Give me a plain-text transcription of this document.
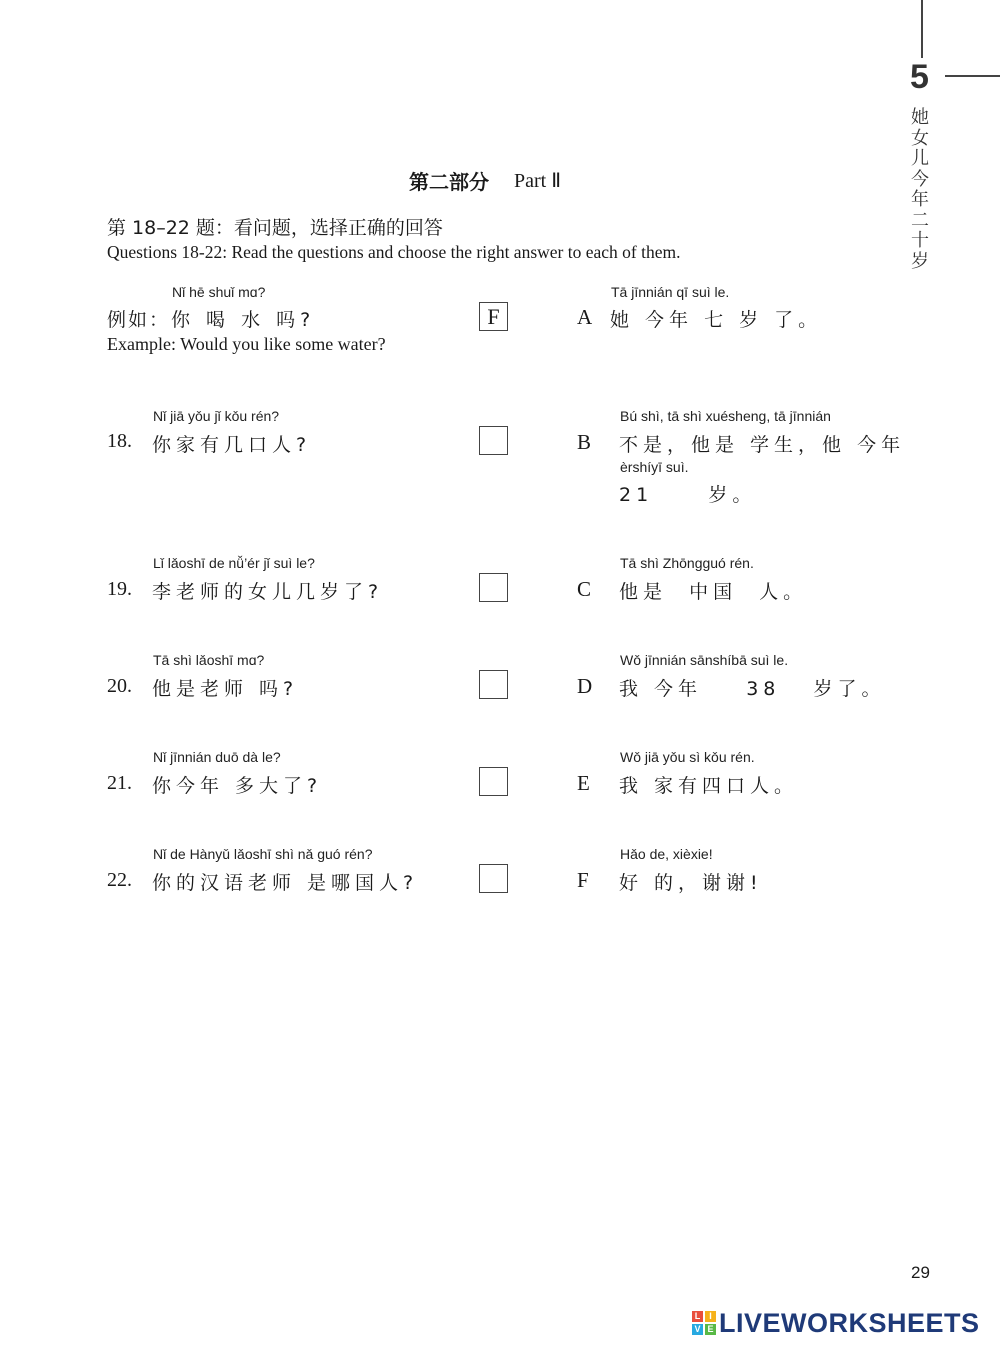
5
她女儿今年二十岁
第二部分 Part Ⅱ
第 18–22 题：看问题，选择正确的回答
Questions 18-22: Read the questions and choose the right answer to each of them.
Nǐ hē shuǐ mɑ?
例如： 你 喝 水 吗?
Example: Would you like some water?
F
Nǐ jiā yǒu jǐ kǒu rén?
18. 你家有几口人?
Lǐ lǎoshī de nǚ’ér jǐ suì le?
19. 李老师的女儿几岁了?
Tā shì lǎoshī mɑ?
20. 他是老师 吗?
Nǐ jīnnián duō dà le?
21. 你今年 多大了?
Nǐ de Hànyǔ lǎoshī shì nǎ guó rén?
22. 你的汉语老师 是哪国人?
Tā jīnnián qī suì le.
A 她 今年 七 岁 了。
Bú shì, tā shì xuésheng, tā jīnnián
B 不是，他是 学生，他 今年
èrshíyī suì.
21     岁。
Tā shì Zhōngguó rén.
C 他是  中国  人。
Wǒ jīnnián sānshíbā suì le.
D 我 今年    38   岁了。
Wǒ jiā yǒu sì kǒu rén.
E 我 家有四口人。
Hǎo de, xièxie!
F 好 的，谢谢!
29
L I
V E LIVEWORKSHEETS
